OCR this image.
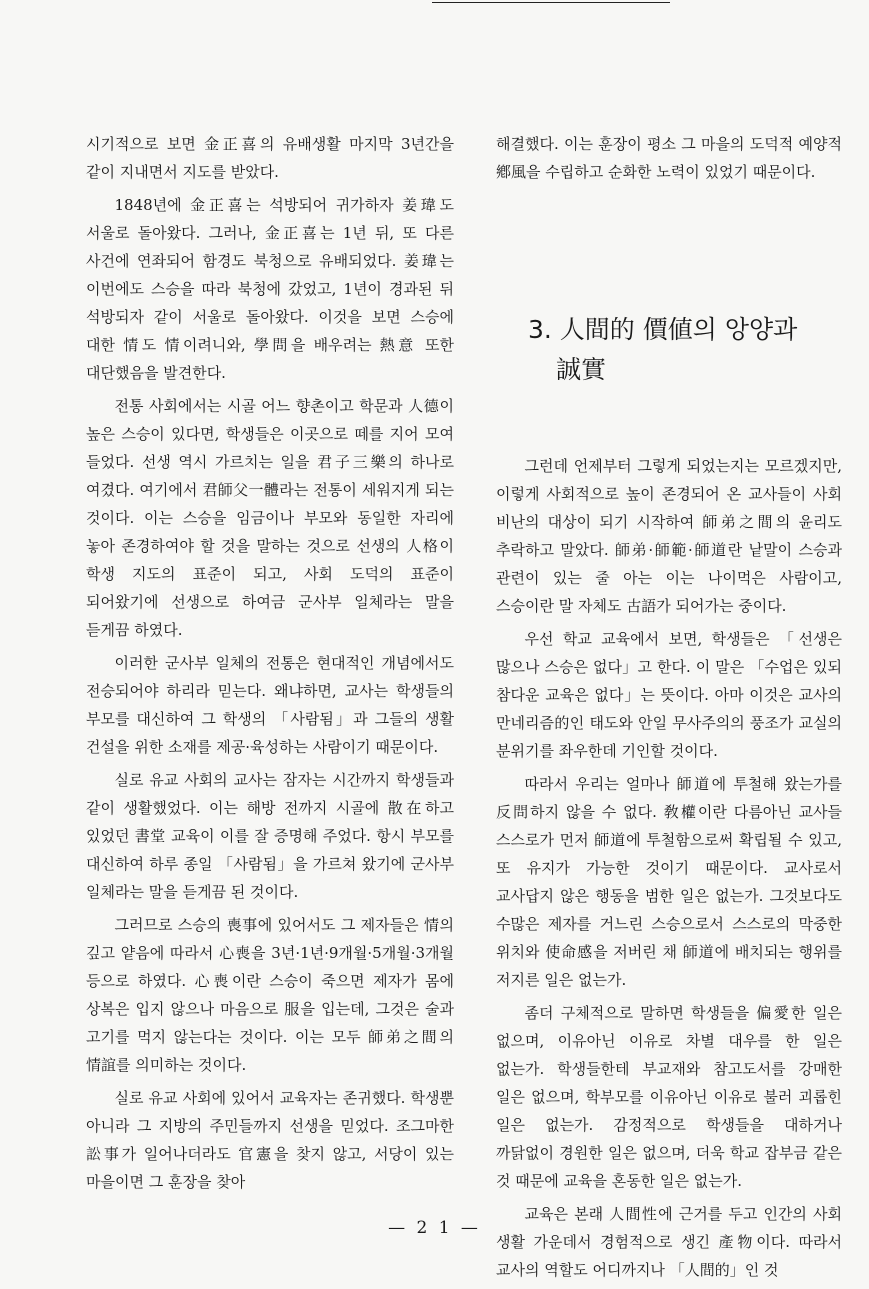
시기적으로 보면 金正喜의 유배생활 마지막 3년간을 같이 지내면서 지도를 받았다.

1848년에 金正喜는 석방되어 귀가하자 姜瑋도 서울로 돌아왔다. 그러나, 金正喜는 1년 뒤, 또 다른 사건에 연좌되어 함경도 북청으로 유배되었다. 姜瑋는 이번에도 스승을 따라 북청에 갔었고, 1년이 경과된 뒤 석방되자 같이 서울로 돌아왔다. 이것을 보면 스승에 대한 情도 情이려니와, 學問을 배우려는 熱意 또한 대단했음을 발견한다.

전통 사회에서는 시골 어느 향촌이고 학문과 人德이 높은 스승이 있다면, 학생들은 이곳으로 떼를 지어 모여 들었다. 선생 역시 가르치는 일을 君子三樂의 하나로 여겼다. 여기에서 君師父一體라는 전통이 세워지게 되는 것이다. 이는 스승을 임금이나 부모와 동일한 자리에 놓아 존경하여야 할 것을 말하는 것으로 선생의 人格이 학생 지도의 표준이 되고, 사회 도덕의 표준이 되어왔기에 선생으로 하여금 군사부 일체라는 말을 듣게끔 하였다.

이러한 군사부 일체의 전통은 현대적인 개념에서도 전승되어야 하리라 믿는다. 왜냐하면, 교사는 학생들의 부모를 대신하여 그 학생의 「사람됨」과 그들의 생활 건설을 위한 소재를 제공·육성하는 사람이기 때문이다.

실로 유교 사회의 교사는 잠자는 시간까지 학생들과 같이 생활했었다. 이는 해방 전까지 시골에 散在하고 있었던 書堂 교육이 이를 잘 증명해 주었다. 항시 부모를 대신하여 하루 종일 「사람됨」을 가르쳐 왔기에 군사부 일체라는 말을 듣게끔 된 것이다.

그러므로 스승의 喪事에 있어서도 그 제자들은 情의 깊고 얕음에 따라서 心喪을 3년·1년·9개월·5개월·3개월 등으로 하였다. 心喪이란 스승이 죽으면 제자가 몸에 상복은 입지 않으나 마음으로 服을 입는데, 그것은 술과 고기를 먹지 않는다는 것이다. 이는 모두 師弟之間의 情誼를 의미하는 것이다.

실로 유교 사회에 있어서 교육자는 존귀했다. 학생뿐 아니라 그 지방의 주민들까지 선생을 믿었다. 조그마한 訟事가 일어나더라도 官憲을 찾지 않고, 서당이 있는 마을이면 그 훈장을 찾아

해결했다. 이는 훈장이 평소 그 마을의 도덕적 예양적 鄕風을 수립하고 순화한 노력이 있었기 때문이다.

3. 人間的 價値의 앙양과
誠實

그런데 언제부터 그렇게 되었는지는 모르겠지만, 이렇게 사회적으로 높이 존경되어 온 교사들이 사회 비난의 대상이 되기 시작하여 師弟之間의 윤리도 추락하고 말았다. 師弟·師範·師道란 낱말이 스승과 관련이 있는 줄 아는 이는 나이먹은 사람이고, 스승이란 말 자체도 古語가 되어가는 중이다.

우선 학교 교육에서 보면, 학생들은 「선생은 많으나 스승은 없다」고 한다. 이 말은 「수업은 있되 참다운 교육은 없다」는 뜻이다. 아마 이것은 교사의 만네리즘的인 태도와 안일 무사주의의 풍조가 교실의 분위기를 좌우한데 기인할 것이다.

따라서 우리는 얼마나 師道에 투철해 왔는가를 反問하지 않을 수 없다. 敎權이란 다름아닌 교사들 스스로가 먼저 師道에 투철함으로써 확립될 수 있고, 또 유지가 가능한 것이기 때문이다. 교사로서 교사답지 않은 행동을 범한 일은 없는가. 그것보다도 수많은 제자를 거느린 스승으로서 스스로의 막중한 위치와 使命感을 저버린 채 師道에 배치되는 행위를 저지른 일은 없는가.

좀더 구체적으로 말하면 학생들을 偏愛한 일은 없으며, 이유아닌 이유로 차별 대우를 한 일은 없는가. 학생들한테 부교재와 참고도서를 강매한 일은 없으며, 학부모를 이유아닌 이유로 불러 괴롭힌 일은 없는가. 감정적으로 학생들을 대하거나 까닭없이 경원한 일은 없으며, 더욱 학교 잡부금 같은 것 때문에 교육을 혼동한 일은 없는가.

교육은 본래 人間性에 근거를 두고 인간의 사회 생활 가운데서 경험적으로 생긴 產物이다. 따라서 교사의 역할도 어디까지나 「人間的」인 것

— 2 1 —
